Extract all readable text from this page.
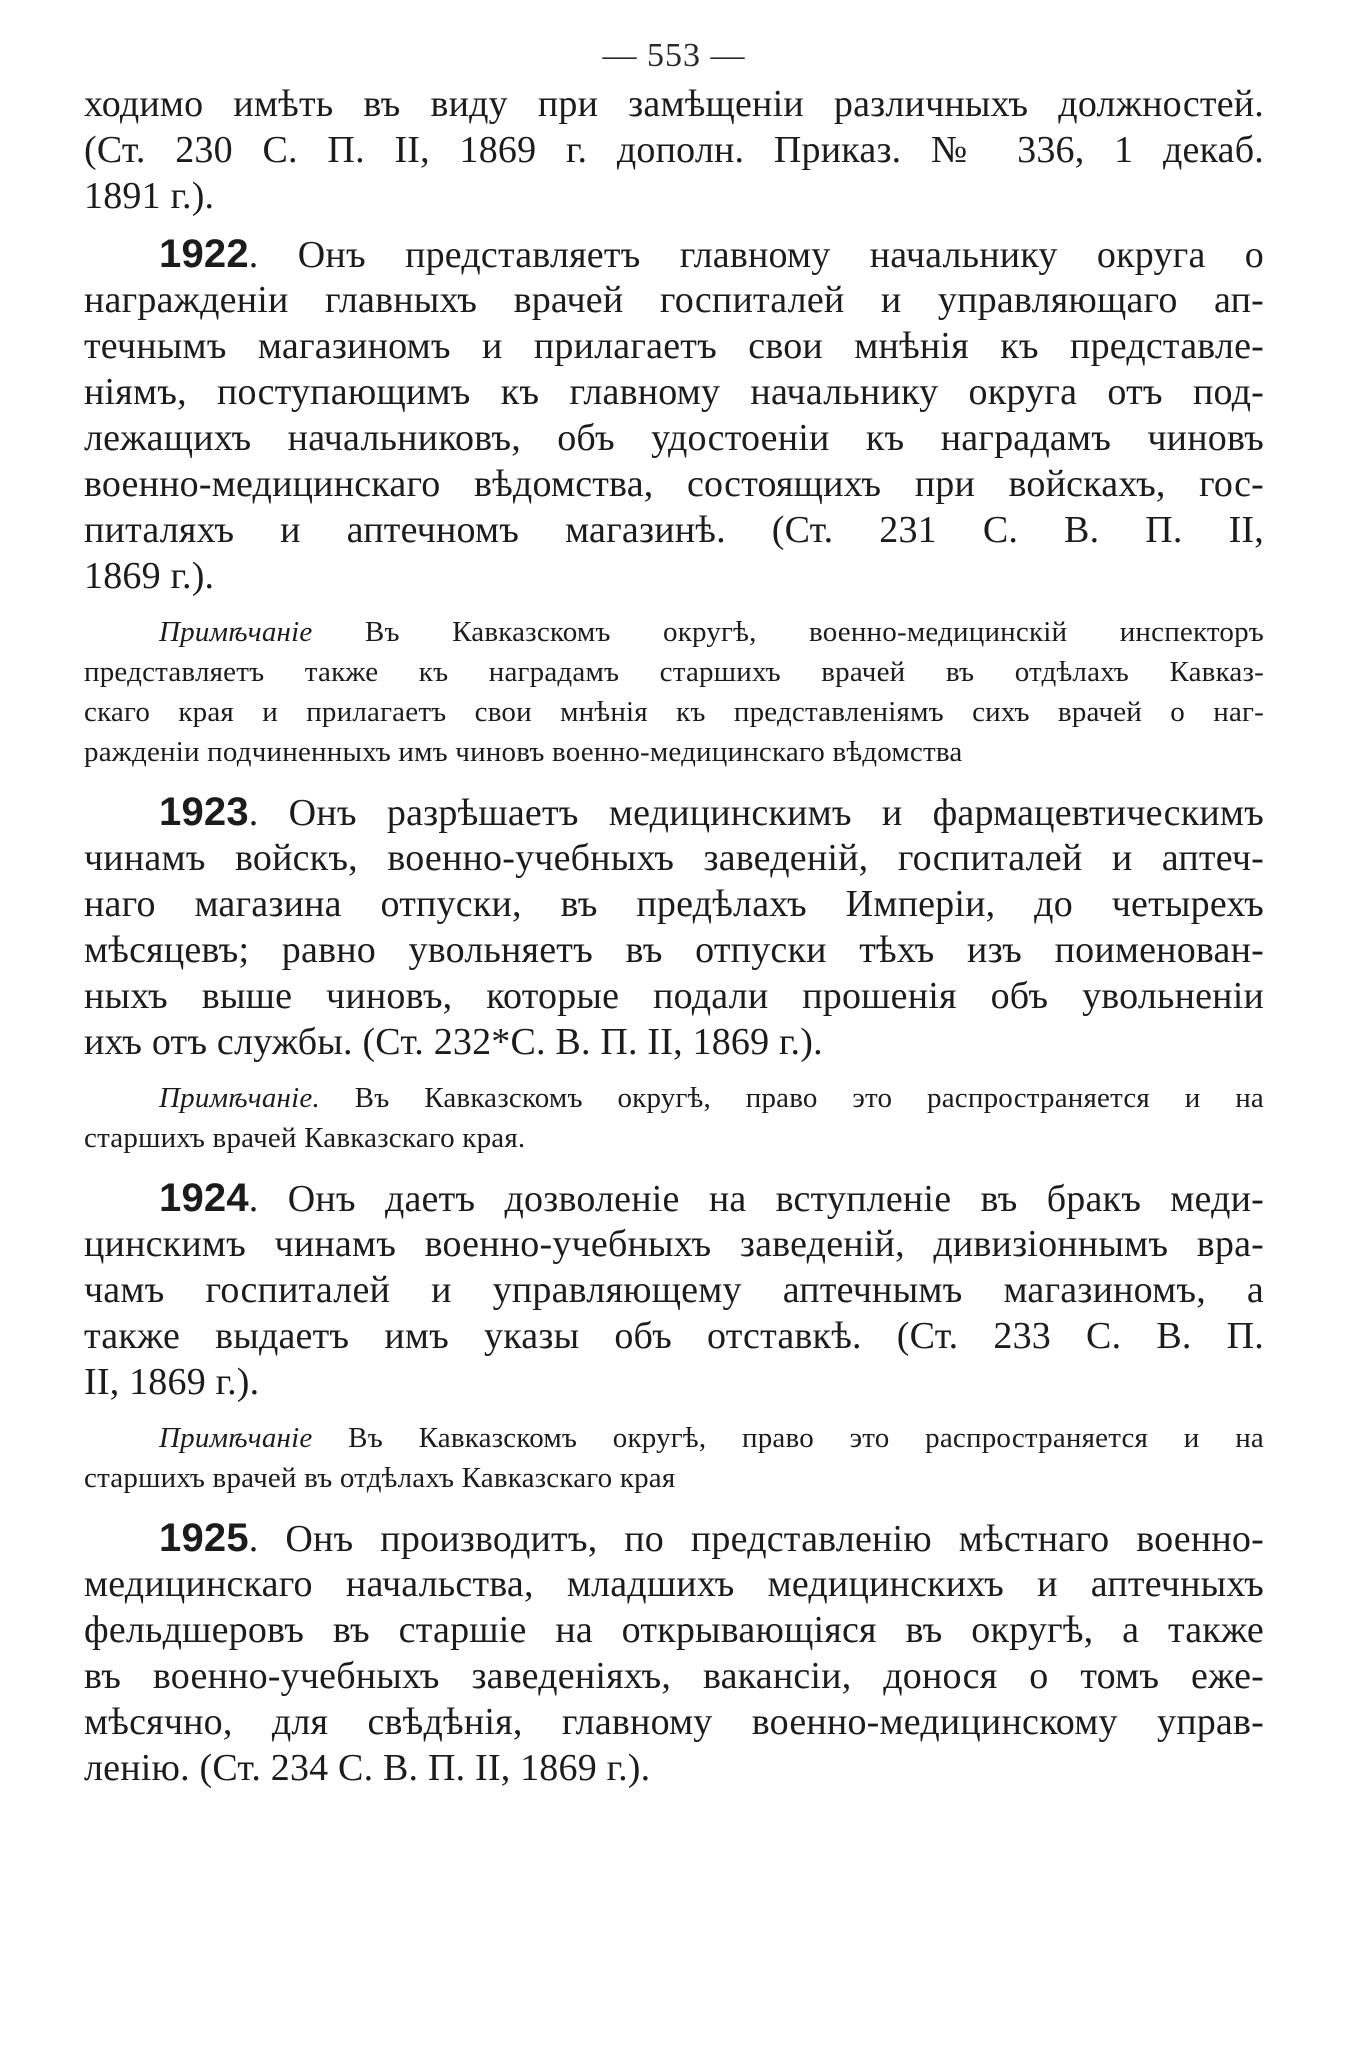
— 553 —
ходимо имѣть въ виду при замѣщеніи различныхъ должностей.
(Ст. 230 С. П. II, 1869 г. дополн. Приказ. № 336, 1 декаб.
1891 г.).
1922. Онъ представляетъ главному начальнику округа о
награжденіи главныхъ врачей госпиталей и управляющаго ап-
течнымъ магазиномъ и прилагаетъ свои мнѣнія къ представле-
ніямъ, поступающимъ къ главному начальнику округа отъ под-
лежащихъ начальниковъ, объ удостоеніи къ наградамъ чиновъ
военно-медицинскаго вѣдомства, состоящихъ при войскахъ, гос-
питаляхъ и аптечномъ магазинѣ. (Ст. 231 С. В. П. II,
1869 г.).
Примѣчаніе Въ Кавказскомъ округѣ, военно-медицинскій инспекторъ
представляетъ также къ наградамъ старшихъ врачей въ отдѣлахъ Кавказ-
скаго края и прилагаетъ свои мнѣнія къ представленіямъ сихъ врачей о наг-
ражденіи подчиненныхъ имъ чиновъ военно-медицинскаго вѣдомства
1923. Онъ разрѣшаетъ медицинскимъ и фармацевтическимъ
чинамъ войскъ, военно-учебныхъ заведеній, госпиталей и аптеч-
наго магазина отпуски, въ предѣлахъ Имперіи, до четырехъ
мѣсяцевъ; равно увольняетъ въ отпуски тѣхъ изъ поименован-
ныхъ выше чиновъ, которые подали прошенія объ увольненіи
ихъ отъ службы. (Ст. 232*С. В. П. II, 1869 г.).
Примѣчаніе. Въ Кавказскомъ округѣ, право это распространяется и на
старшихъ врачей Кавказскаго края.
1924. Онъ даетъ дозволеніе на вступленіе въ бракъ меди-
цинскимъ чинамъ военно-учебныхъ заведеній, дивизіоннымъ вра-
чамъ госпиталей и управляющему аптечнымъ магазиномъ, а
также выдаетъ имъ указы объ отставкѣ. (Ст. 233 С. В. П.
II, 1869 г.).
Примѣчаніе Въ Кавказскомъ округѣ, право это распространяется и на
старшихъ врачей въ отдѣлахъ Кавказскаго края
1925. Онъ производитъ, по представленію мѣстнаго военно-
медицинскаго начальства, младшихъ медицинскихъ и аптечныхъ
фельдшеровъ въ старшіе на открывающіяся въ округѣ, а также
въ военно-учебныхъ заведеніяхъ, вакансіи, донося о томъ еже-
мѣсячно, для свѣдѣнія, главному военно-медицинскому управ-
ленію. (Ст. 234 С. В. П. II, 1869 г.).
